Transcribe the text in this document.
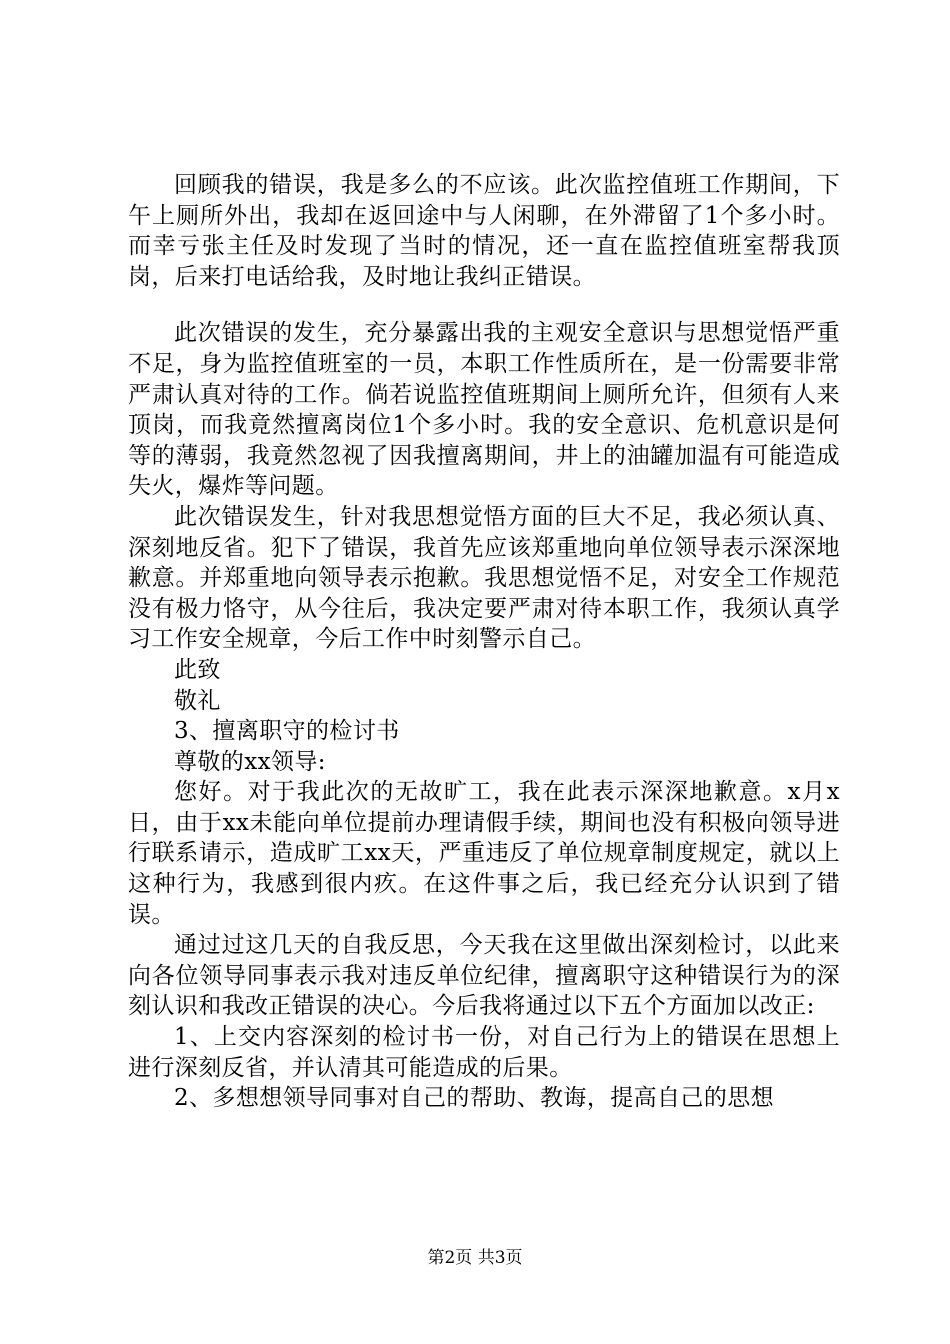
回顾我的错误，我是多么的不应该。此次监控值班工作期间，下午上厕所外出，我却在返回途中与人闲聊，在外滞留了1个多小时。而幸亏张主任及时发现了当时的情况，还一直在监控值班室帮我顶岗，后来打电话给我，及时地让我纠正错误。

此次错误的发生，充分暴露出我的主观安全意识与思想觉悟严重不足，身为监控值班室的一员，本职工作性质所在，是一份需要非常严肃认真对待的工作。倘若说监控值班期间上厕所允许，但须有人来顶岗，而我竟然擅离岗位1个多小时。我的安全意识、危机意识是何等的薄弱，我竟然忽视了因我擅离期间，井上的油罐加温有可能造成失火，爆炸等问题。

此次错误发生，针对我思想觉悟方面的巨大不足，我必须认真、深刻地反省。犯下了错误，我首先应该郑重地向单位领导表示深深地歉意。并郑重地向领导表示抱歉。我思想觉悟不足，对安全工作规范没有极力恪守，从今往后，我决定要严肃对待本职工作，我须认真学习工作安全规章，今后工作中时刻警示自己。

此致

敬礼

3、擅离职守的检讨书

尊敬的xx领导:

您好。对于我此次的无故旷工，我在此表示深深地歉意。x月x日，由于xx未能向单位提前办理请假手续，期间也没有积极向领导进行联系请示，造成旷工xx天，严重违反了单位规章制度规定，就以上这种行为，我感到很内疚。在这件事之后，我已经充分认识到了错误。

通过过这几天的自我反思，今天我在这里做出深刻检讨，以此来向各位领导同事表示我对违反单位纪律，擅离职守这种错误行为的深刻认识和我改正错误的决心。今后我将通过以下五个方面加以改正:

1、上交内容深刻的检讨书一份，对自己行为上的错误在思想上进行深刻反省，并认清其可能造成的后果。

2、多想想领导同事对自己的帮助、教诲，提高自己的思想

第2页 共3页
